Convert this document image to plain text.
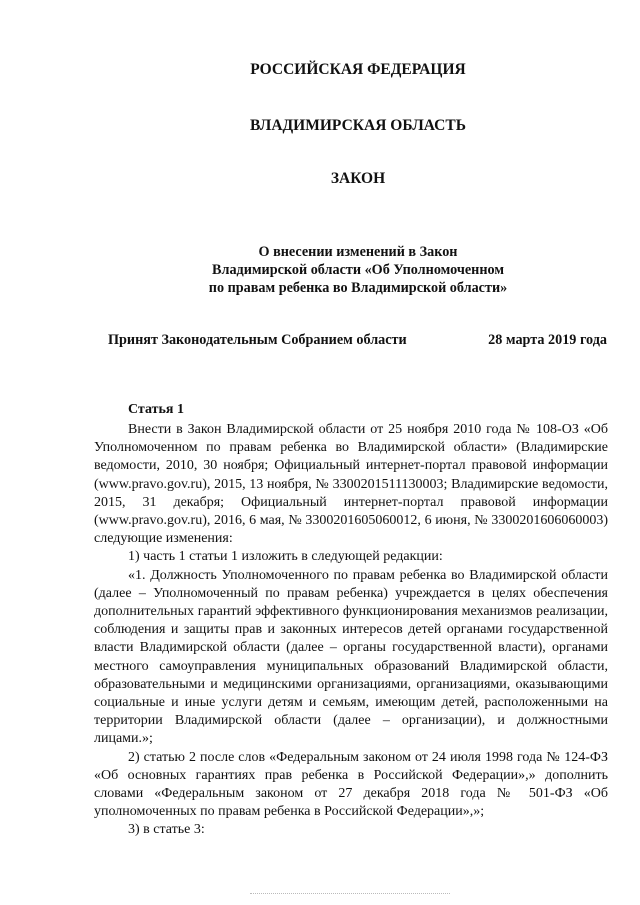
РОССИЙСКАЯ ФЕДЕРАЦИЯ
ВЛАДИМИРСКАЯ ОБЛАСТЬ
ЗАКОН
О внесении изменений в Закон
Владимирской области «Об Уполномоченном
по правам ребенка во Владимирской области»
Принят Законодательным Собранием области	28 марта 2019 года
Статья 1

Внести в Закон Владимирской области от 25 ноября 2010 года № 108-ОЗ «Об Уполномоченном по правам ребенка во Владимирской области» (Владимирские ведомости, 2010, 30 ноября; Официальный интернет-портал правовой информации (www.pravo.gov.ru), 2015, 13 ноября, № 3300201511130003; Владимирские ведомости, 2015, 31 декабря; Официальный интернет-портал правовой информации (www.pravo.gov.ru), 2016, 6 мая, № 3300201605060012, 6 июня, № 3300201606060003) следующие изменения:

1) часть 1 статьи 1 изложить в следующей редакции:

«1. Должность Уполномоченного по правам ребенка во Владимирской области (далее – Уполномоченный по правам ребенка) учреждается в целях обеспечения дополнительных гарантий эффективного функционирования механизмов реализации, соблюдения и защиты прав и законных интересов детей органами государственной власти Владимирской области (далее – органы государственной власти), органами местного самоуправления муниципальных образований Владимирской области, образовательными и медицинскими организациями, организациями, оказывающими социальные и иные услуги детям и семьям, имеющим детей, расположенными на территории Владимирской области (далее – организации), и должностными лицами.»;

2) статью 2 после слов «Федеральным законом от 24 июля 1998 года № 124-ФЗ «Об основных гарантиях прав ребенка в Российской Федерации»,» дополнить словами «Федеральным законом от 27 декабря 2018 года № 501-ФЗ «Об уполномоченных по правам ребенка в Российской Федерации»,»;

3) в статье 3:
